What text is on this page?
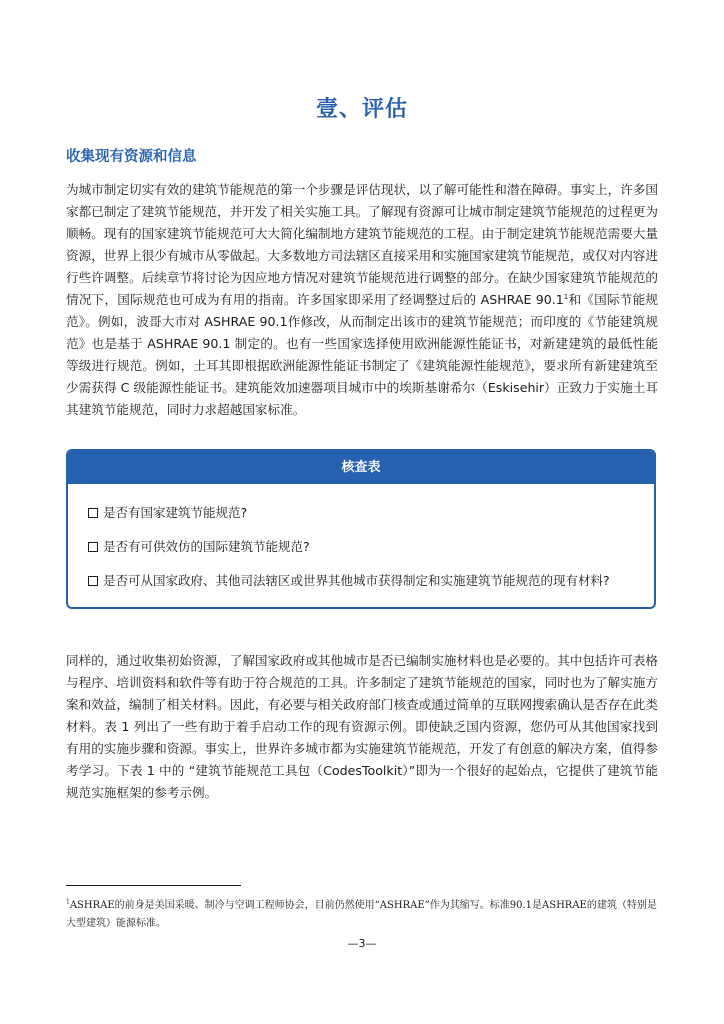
壹、评估
收集现有资源和信息

为城市制定切实有效的建筑节能规范的第一个步骤是评估现状，以了解可能性和潜在障碍。事实上，许多国家都已制定了建筑节能规范，并开发了相关实施工具。了解现有资源可让城市制定建筑节能规范的过程更为顺畅。现有的国家建筑节能规范可大大简化编制地方建筑节能规范的工程。由于制定建筑节能规范需要大量资源，世界上很少有城市从零做起。大多数地方司法辖区直接采用和实施国家建筑节能规范，或仅对内容进行些许调整。后续章节将讨论为因应地方情况对建筑节能规范进行调整的部分。在缺少国家建筑节能规范的情况下，国际规范也可成为有用的指南。许多国家即采用了经调整过后的 ASHRAE 90.1$^1$和《国际节能规范》。例如，波哥大市对 ASHRAE 90.1作修改，从而制定出该市的建筑节能规范；而印度的《节能建筑规范》也是基于 ASHRAE 90.1 制定的。也有一些国家选择使用欧洲能源性能证书，对新建建筑的最低性能等级进行规范。例如，土耳其即根据欧洲能源性能证书制定了《建筑能源性能规范》，要求所有新建建筑至少需获得 C 级能源性能证书。建筑能效加速器项目城市中的埃斯基谢希尔（Eskisehir）正致力于实施土耳其建筑节能规范，同时力求超越国家标准。

核查表
是否有国家建筑节能规范?
是否有可供效仿的国际建筑节能规范?
是否可从国家政府、其他司法辖区或世界其他城市获得制定和实施建筑节能规范的现有材料?

同样的，通过收集初始资源，了解国家政府或其他城市是否已编制实施材料也是必要的。其中包括许可表格与程序、培训资料和软件等有助于符合规范的工具。许多制定了建筑节能规范的国家，同时也为了解实施方案和效益，编制了相关材料。因此，有必要与相关政府部门核查或通过简单的互联网搜索确认是否存在此类材料。表 1 列出了一些有助于着手启动工作的现有资源示例。即使缺乏国内资源，您仍可从其他国家找到有用的实施步骤和资源。事实上，世界许多城市都为实施建筑节能规范，开发了有创意的解决方案，值得参考学习。下表 1 中的 “建筑节能规范工具包（CodesToolkit）”即为一个很好的起始点，它提供了建筑节能规范实施框架的参考示例。

$^1$ASHRAE的前身是美国采暖、制冷与空调工程师协会，目前仍然使用“ASHRAE”作为其缩写。标准90.1是ASHRAE的建筑（特别是大型建筑）能源标准。

—3—
